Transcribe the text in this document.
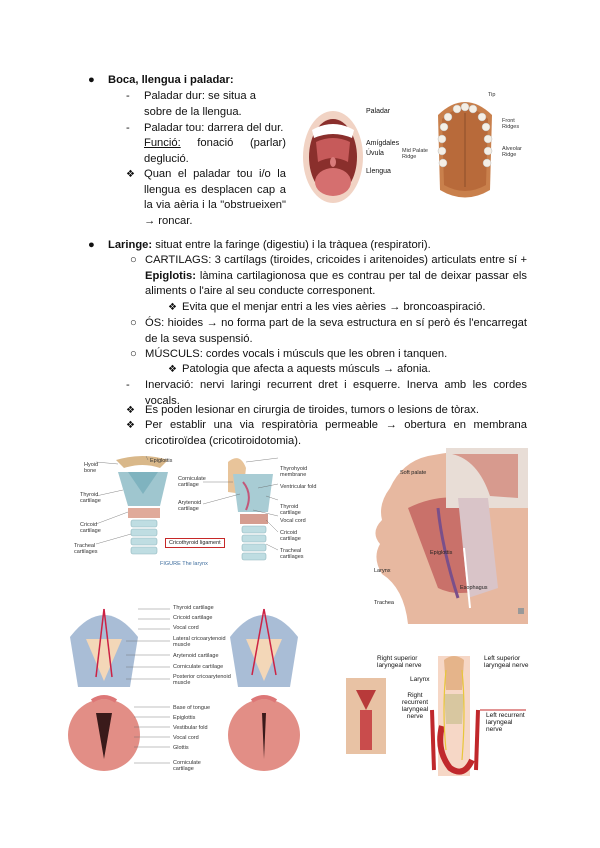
● Boca, llengua i paladar:
- Paladar dur: se situa a sobre de la llengua.
- Paladar tou: darrera del dur.
Funció: fonació (parlar) deglució.
❖ Quan el paladar tou i/o la llengua es desplacen cap a la via aèria i la "obstrueixen" → roncar.
Paladar
Amígdales
Úvula
Llengua
Tip
Front Ridges
Alveolar Ridge
Mid Palate Ridge
● Laringe: situat entre la faringe (digestiu) i la tràquea (respiratori).
○ CARTILAGS: 3 cartílags (tiroides, cricoides i aritenoides) articulats entre sí + Epiglotis: làmina cartilagionosa que es contrau per tal de deixar passar els aliments o l'aire al seu conducte corresponent.
❖ Evita que el menjar entri a les vies aèries → broncoaspiració.
○ ÓS: hioides → no forma part de la seva estructura en sí però és l'encarregat de la seva suspensió.
○ MÚSCULS: cordes vocals i músculs que les obren i tanquen.
❖ Patologia que afecta a aquests músculs → afonia.
- Inervació: nervi laringi recurrent dret i esquerre. Inerva amb les cordes vocals.
❖ Es poden lesionar en cirurgia de tiroides, tumors o lesions de tòrax.
❖ Per establir una via respiratòria permeable → obertura en membrana cricotiroïdea (cricotiroidotomia).
Hyoid bone
Thyroid cartilage
Cricoid cartilage
Tracheal cartilages
Epiglottis
Thyrohyoid membrane
Corniculate cartilage
Arytenoid cartilage
Ventricular fold
Thyroid cartilage
Vocal cord
Cricoid cartilage
Tracheal cartilages
Cricothyroid ligament
FIGURE The larynx
Soft palate
Epiglottis
Larynx
Trachea
Esophagus
Thyroid cartilage
Cricoid cartilage
Vocal cord
Lateral cricoarytenoid muscle
Arytenoid cartilage
Corniculate cartilage
Posterior cricoarytenoid muscle
Base of tongue
Epiglottis
Vestibular fold
Vocal cord
Glottis
Corniculate cartilage
Right superior laryngeal nerve
Left superior laryngeal nerve
Larynx
Right recurrent laryngeal nerve	Left recurrent laryngeal nerve
